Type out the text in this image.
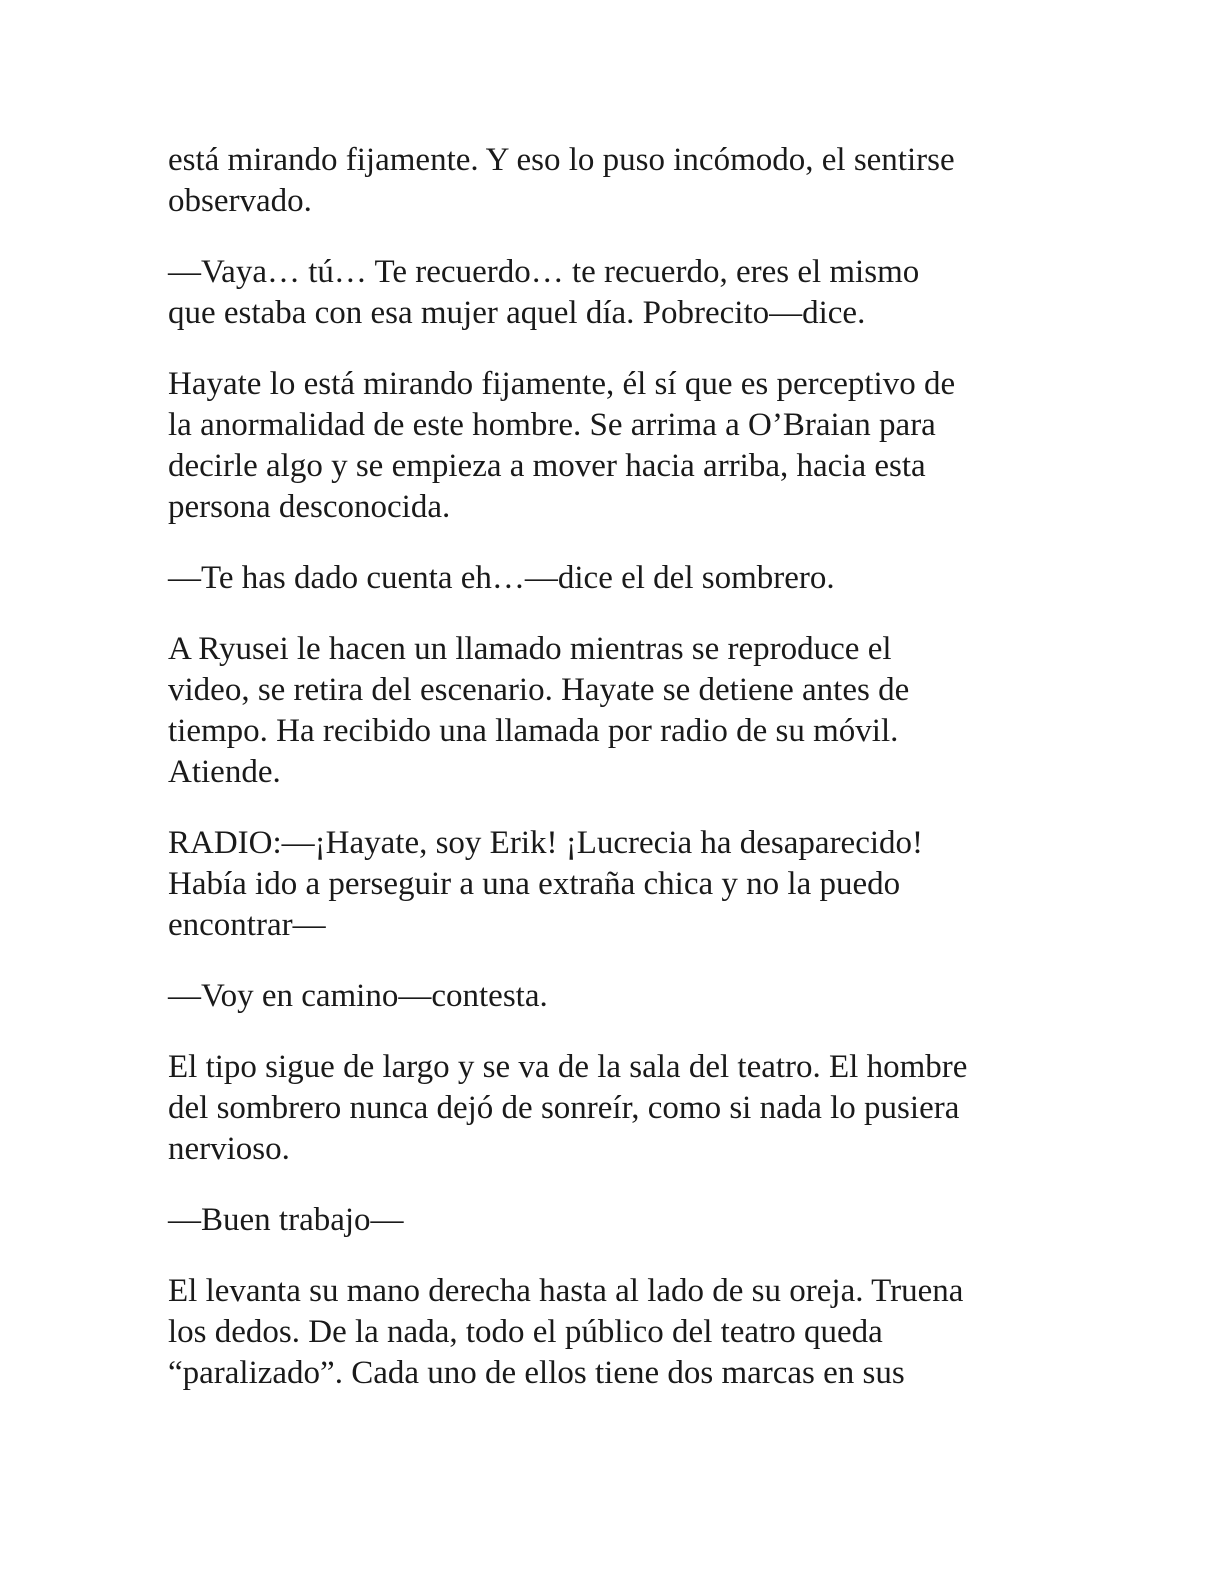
está mirando fijamente. Y eso lo puso incómodo, el sentirse
observado.

—Vaya… tú… Te recuerdo… te recuerdo, eres el mismo
que estaba con esa mujer aquel día. Pobrecito—dice.

Hayate lo está mirando fijamente, él sí que es perceptivo de
la anormalidad de este hombre. Se arrima a O’Braian para
decirle algo y se empieza a mover hacia arriba, hacia esta
persona desconocida.

—Te has dado cuenta eh…—dice el del sombrero.

A Ryusei le hacen un llamado mientras se reproduce el
video, se retira del escenario. Hayate se detiene antes de
tiempo. Ha recibido una llamada por radio de su móvil.
Atiende.

RADIO:—¡Hayate, soy Erik! ¡Lucrecia ha desaparecido!
Había ido a perseguir a una extraña chica y no la puedo
encontrar—

—Voy en camino—contesta.

El tipo sigue de largo y se va de la sala del teatro. El hombre
del sombrero nunca dejó de sonreír, como si nada lo pusiera
nervioso.

—Buen trabajo—

El levanta su mano derecha hasta al lado de su oreja. Truena
los dedos. De la nada, todo el público del teatro queda
“paralizado”. Cada uno de ellos tiene dos marcas en sus
